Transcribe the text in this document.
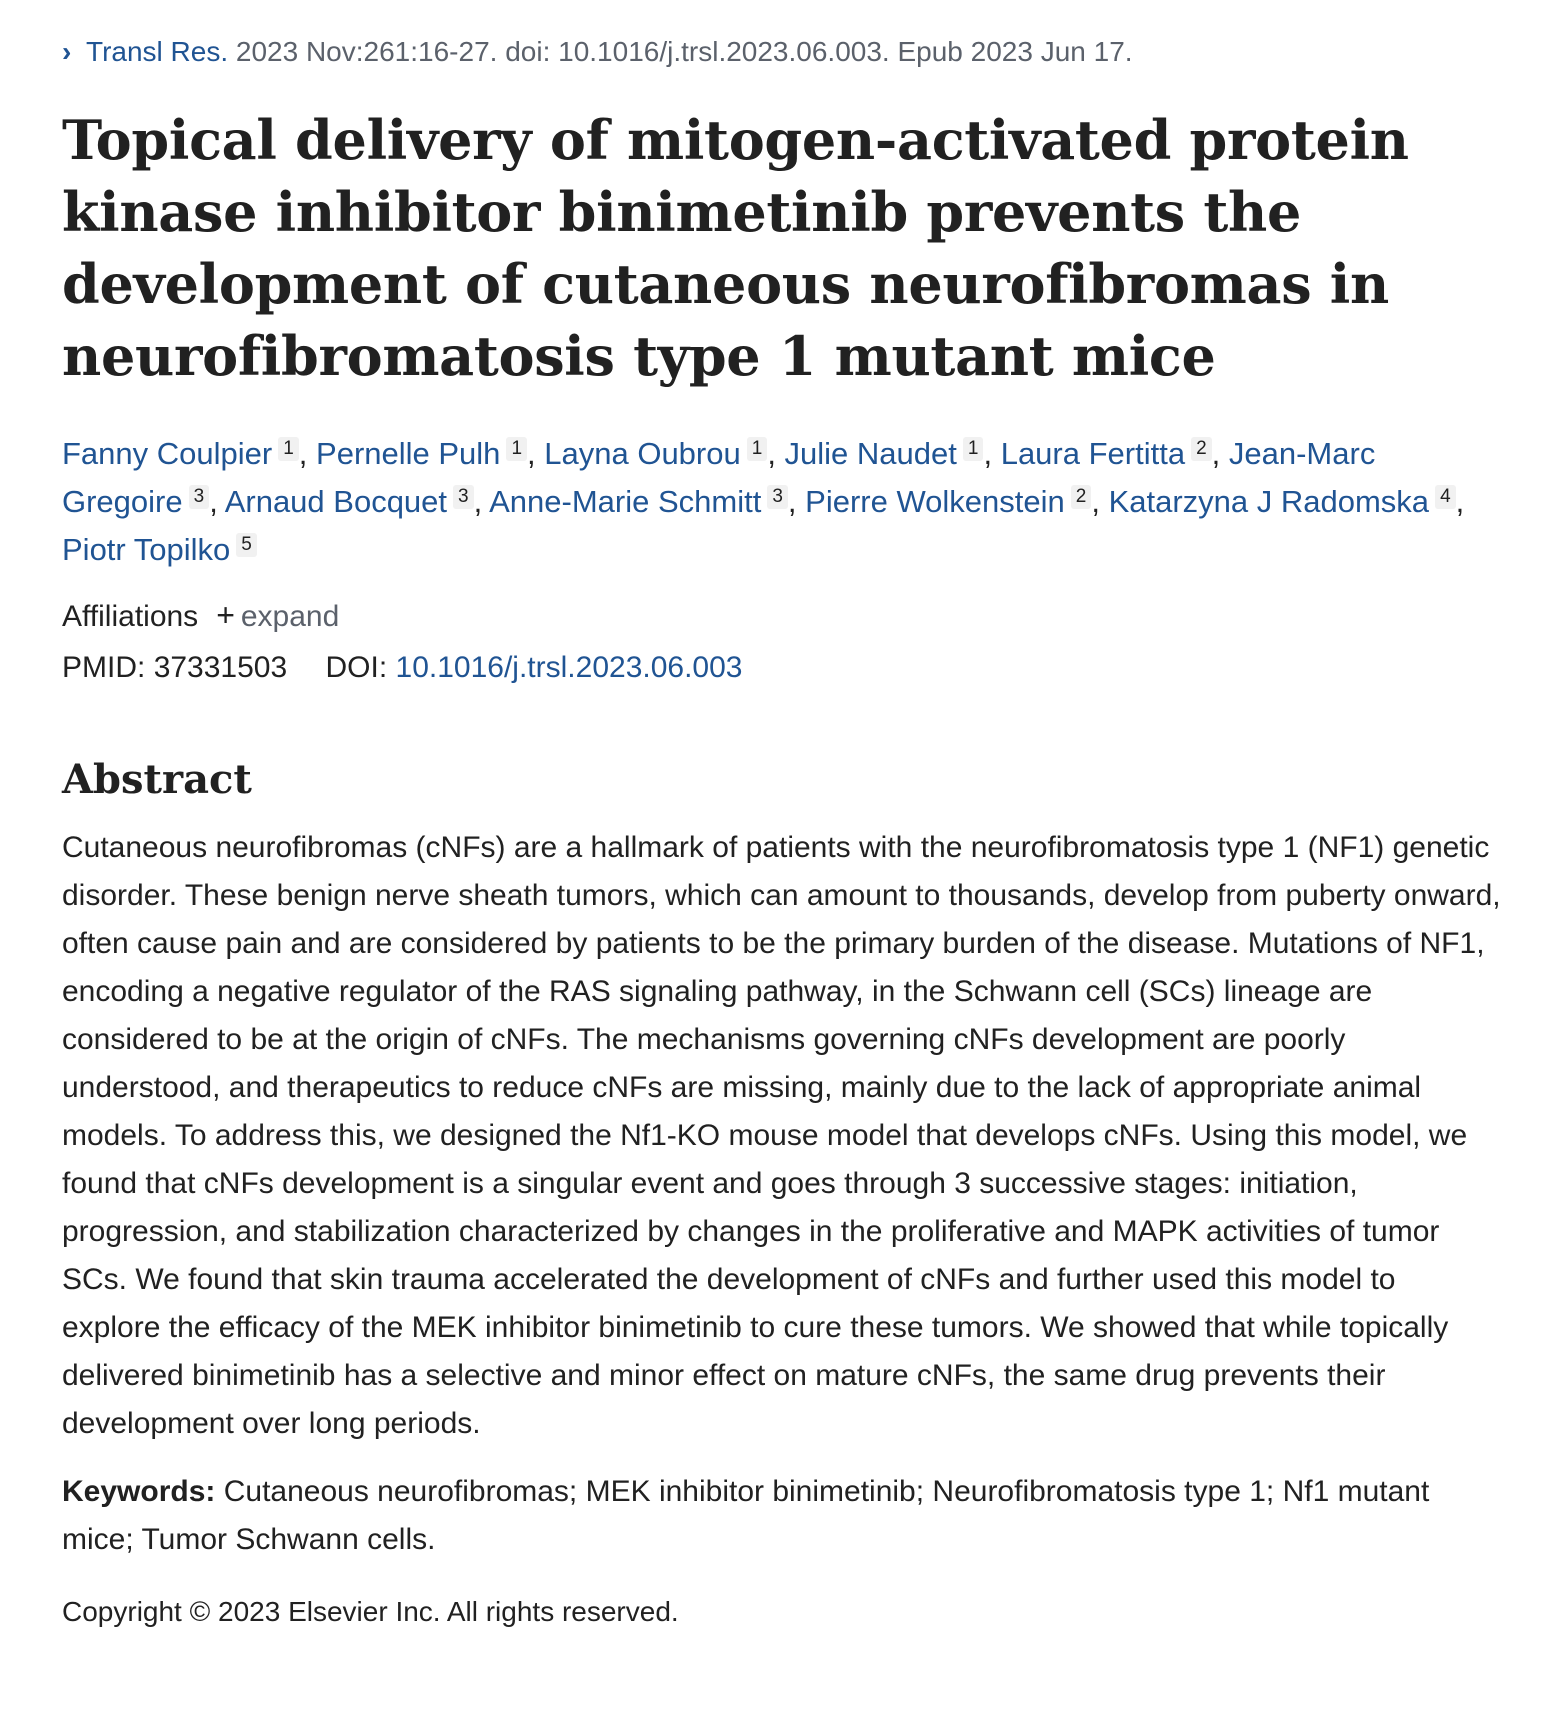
› Transl Res. 2023 Nov:261:16-27. doi: 10.1016/j.trsl.2023.06.003. Epub 2023 Jun 17.
Topical delivery of mitogen-activated protein kinase inhibitor binimetinib prevents the development of cutaneous neurofibromas in neurofibromatosis type 1 mutant mice
Fanny Coulpier 1 , Pernelle Pulh 1 , Layna Oubrou 1 , Julie Naudet 1 , Laura Fertitta 2 , Jean-Marc Gregoire 3 , Arnaud Bocquet 3 , Anne-Marie Schmitt 3 , Pierre Wolkenstein 2 , Katarzyna J Radomska 4 , Piotr Topilko 5
Affiliations + expand
PMID: 37331503 DOI: 10.1016/j.trsl.2023.06.003
Abstract

Cutaneous neurofibromas (cNFs) are a hallmark of patients with the neurofibromatosis type 1 (NF1) genetic disorder. These benign nerve sheath tumors, which can amount to thousands, develop from puberty onward, often cause pain and are considered by patients to be the primary burden of the disease. Mutations of NF1, encoding a negative regulator of the RAS signaling pathway, in the Schwann cell (SCs) lineage are considered to be at the origin of cNFs. The mechanisms governing cNFs development are poorly understood, and therapeutics to reduce cNFs are missing, mainly due to the lack of appropriate animal models. To address this, we designed the Nf1-KO mouse model that develops cNFs. Using this model, we found that cNFs development is a singular event and goes through 3 successive stages: initiation, progression, and stabilization characterized by changes in the proliferative and MAPK activities of tumor SCs. We found that skin trauma accelerated the development of cNFs and further used this model to explore the efficacy of the MEK inhibitor binimetinib to cure these tumors. We showed that while topically delivered binimetinib has a selective and minor effect on mature cNFs, the same drug prevents their development over long periods.

Keywords: Cutaneous neurofibromas; MEK inhibitor binimetinib; Neurofibromatosis type 1; Nf1 mutant mice; Tumor Schwann cells.

Copyright © 2023 Elsevier Inc. All rights reserved.
